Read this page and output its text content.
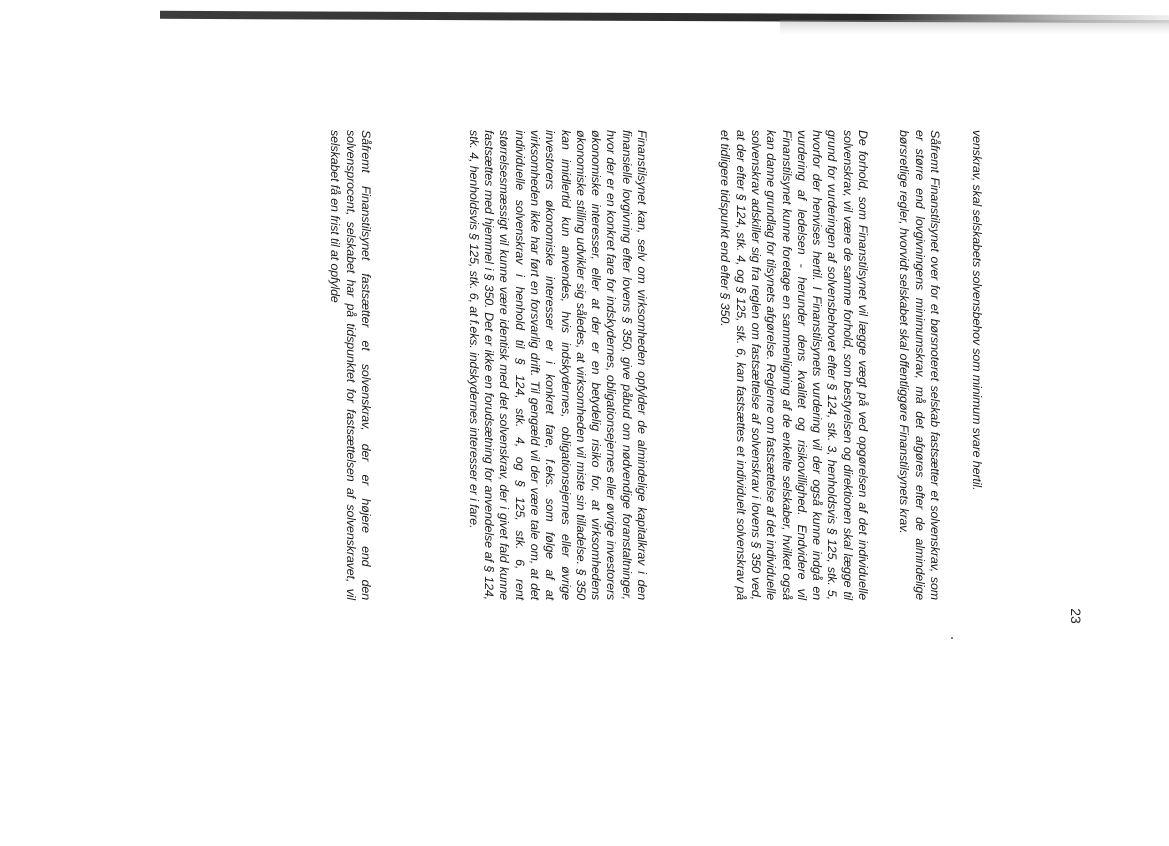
23

venskrav, skal selskabets solvensbehov som minimum svare hertil.

Såfremt Finanstilsynet over for et børsnoteret selskab fastsætter et solvenskrav, som er større end lovgivningens minimumskrav, må det afgøres efter de almindelige børsretlige regler, hvorvidt selskabet skal offentliggøre Finanstilsynets krav.

De forhold, som Finanstilsynet vil lægge vægt på ved opgørelsen af det individuelle solvenskrav, vil være de samme forhold, som bestyrelsen og direktionen skal lægge til grund for vurderingen af solvensbehovet efter § 124, stk. 3, henholdsvis § 125, stk. 5, hvorfor der henvises hertil. I Finanstilsynets vurdering vil der også kunne indgå en vurdering af ledelsen - herunder dens kvalitet og risikovillighed. Endvidere vil Finanstilsynet kunne foretage en sammenligning af de enkelte selskaber, hvilket også kan danne grundlag for tilsynets afgørelse. Reglerne om fastsættelse af det individuelle solvenskrav adskiller sig fra reglen om fastsættelse af solvenskrav i lovens § 350 ved, at der efter § 124, stk. 4, og § 125, stk. 6, kan fastsættes et individuelt solvenskrav på et tidligere tidspunkt end efter § 350.

Finanstilsynet kan, selv om virksomheden opfylder de almindelige kapitalkrav i den finansielle lovgivning efter lovens § 350, give påbud om nødvendige foranstaltninger, hvor der er en konkret fare for indskydernes, obligationsejernes eller øvrige investorers økonomiske interesser, eller at der er en betydelig risiko for, at virksomhedens økonomiske stilling udvikler sig således, at virksomheden vil miste sin tilladelse. § 350 kan imidlertid kun anvendes, hvis indskydernes, obligationsejernes eller øvrige investorers økonomiske interesser er i konkret fare, f.eks. som følge af at virksomheden ikke har ført en forsvarlig drift. Til gengæld vil der være tale om, at det individuelle solvenskrav i henhold til § 124, stk. 4, og § 125, stk. 6, rent størrelsesmæssigt vil kunne være identisk med det solvenskrav, der i givet fald kunne fastsættes med hjemmel i § 350. Det er ikke en forudsætning for anvendelse af § 124, stk. 4, henholdsvis § 125, stk. 6, at f.eks. indskydernes interesser er i fare.

Såfremt Finanstilsynet fastsætter et solvenskrav, der er højere end den solvensprocent, selskabet har på tidspunktet for fastsættelsen af solvenskravet, vil selskabet få en frist til at opfylde
